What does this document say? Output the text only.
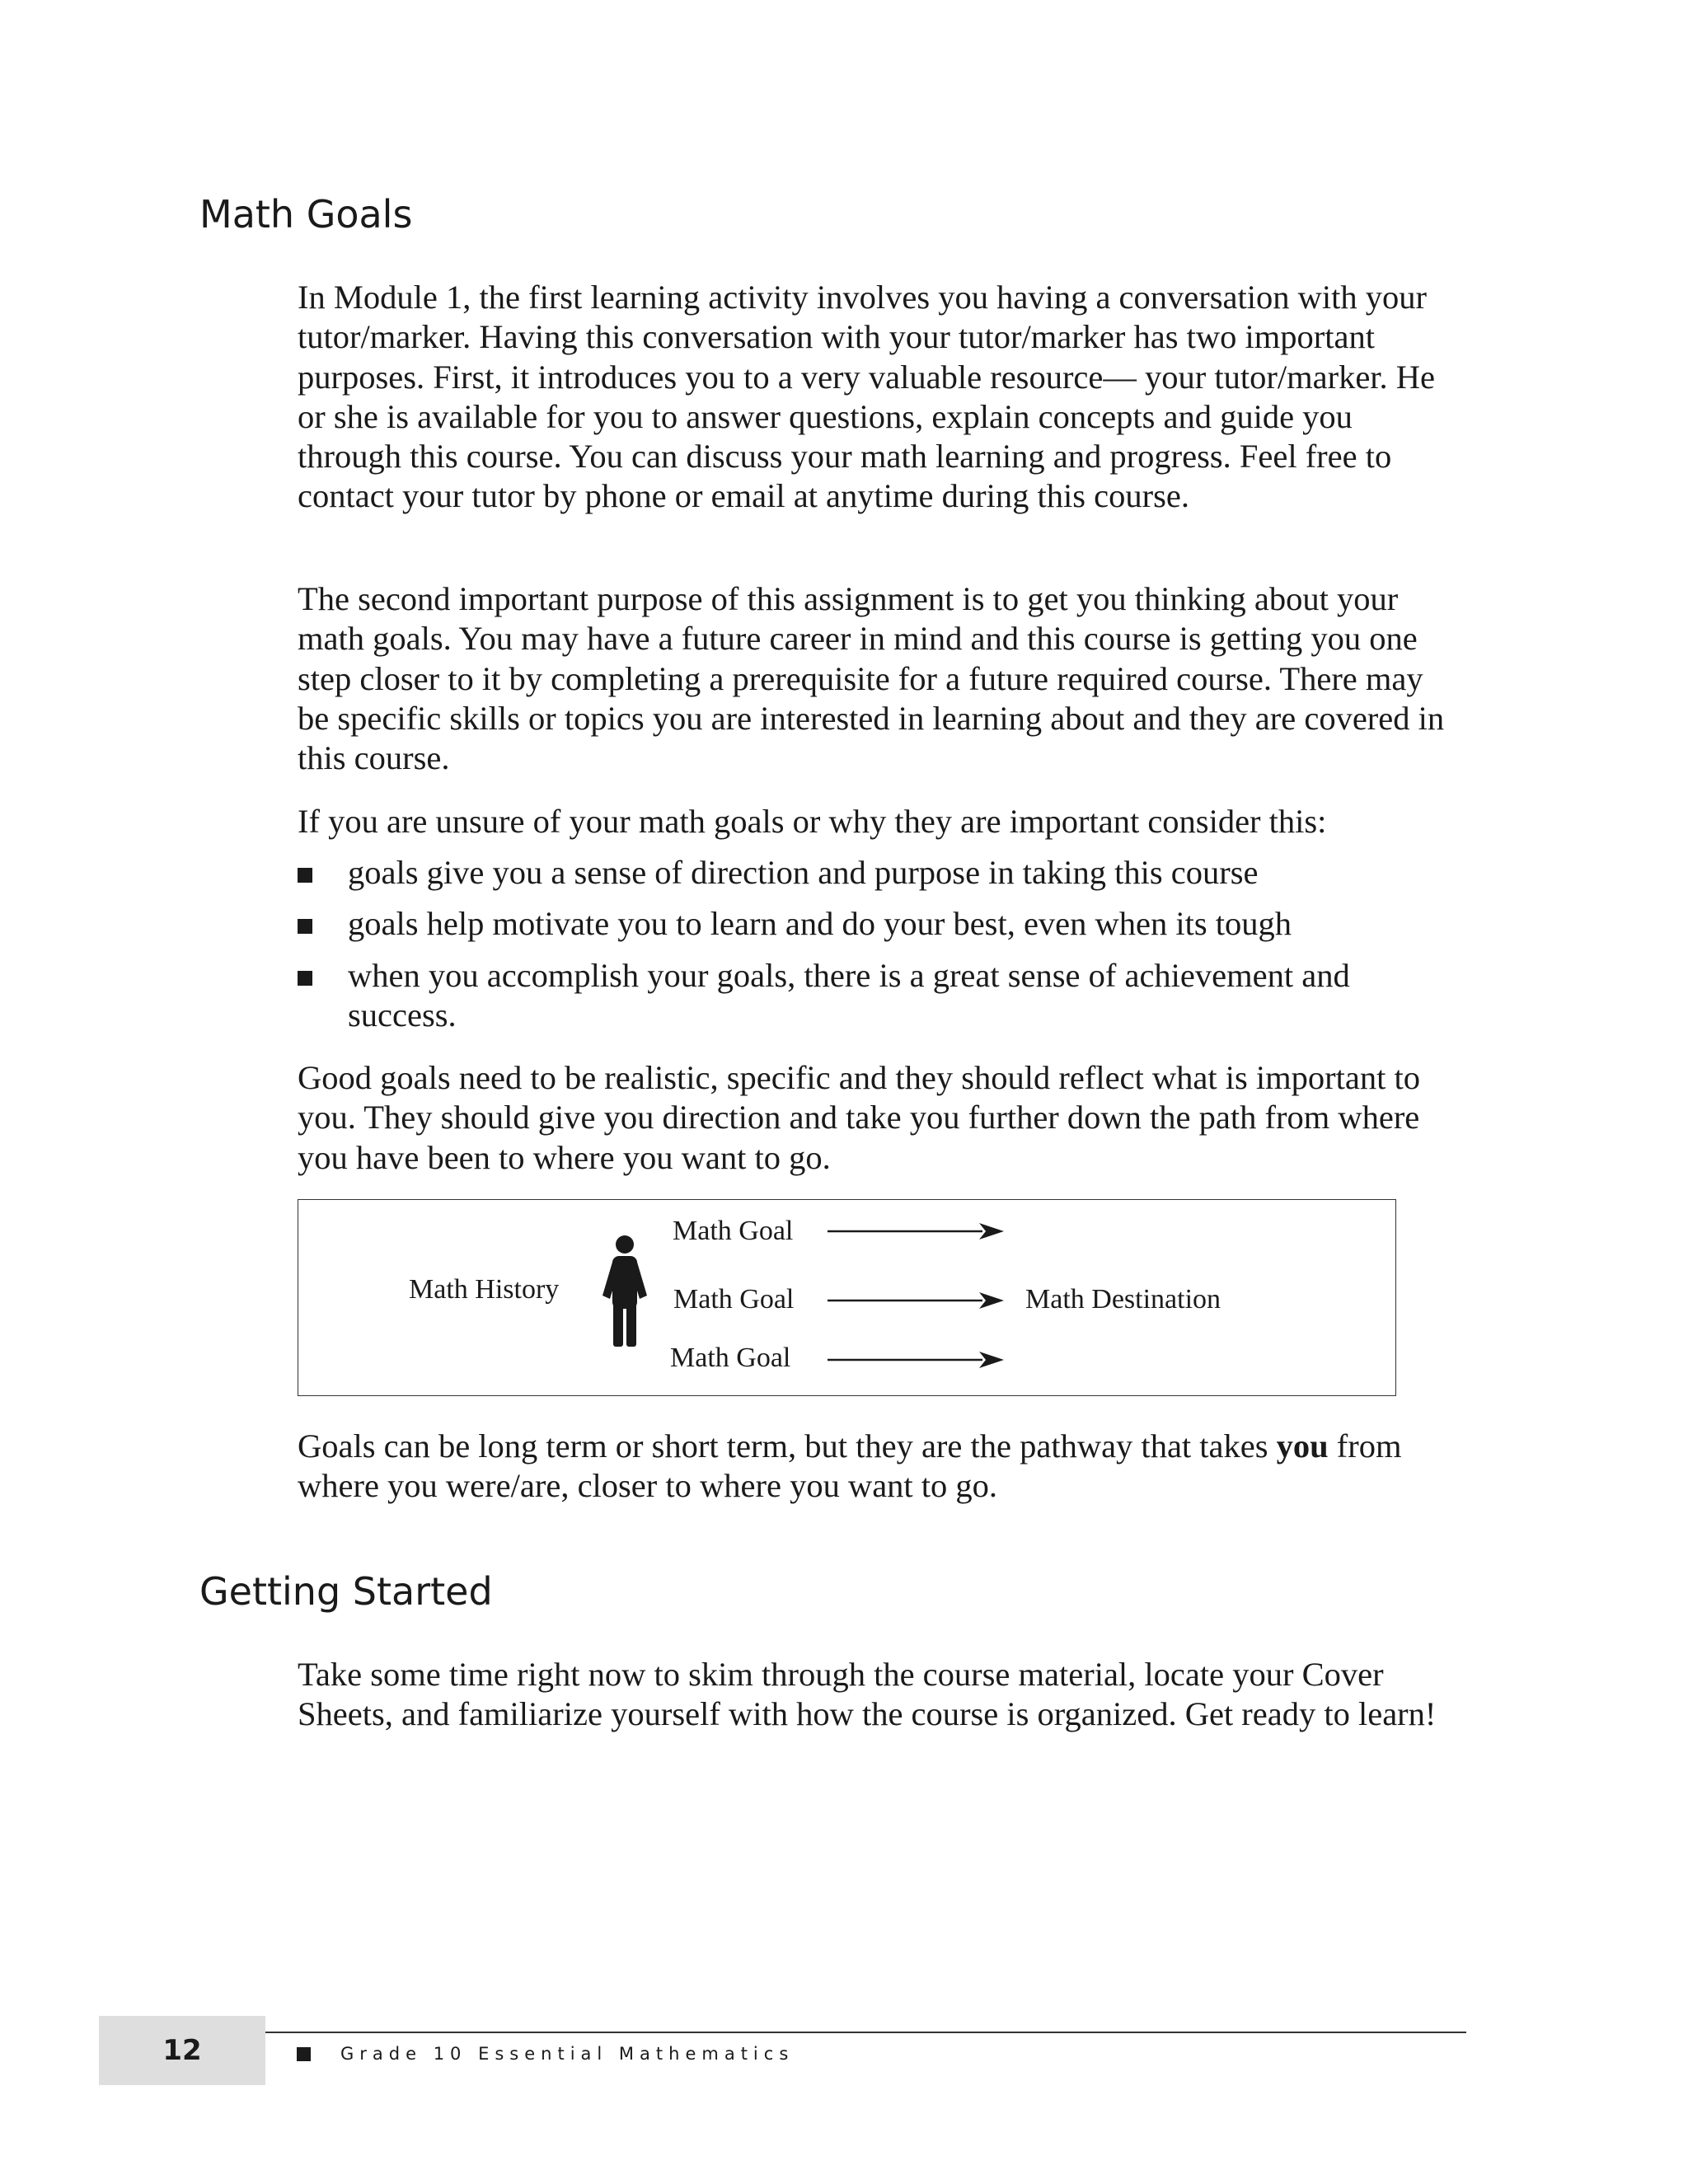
Math Goals

In Module 1, the first learning activity involves you having a conversation with your tutor/marker. Having this conversation with your tutor/marker has two important purposes. First, it introduces you to a very valuable resource— your tutor/marker. He or she is available for you to answer questions, explain concepts and guide you through this course. You can discuss your math learning and progress. Feel free to contact your tutor by phone or email at anytime during this course.

The second important purpose of this assignment is to get you thinking about your math goals. You may have a future career in mind and this course is getting you one step closer to it by completing a prerequisite for a future required course. There may be specific skills or topics you are interested in learning about and they are covered in this course.

If you are unsure of your math goals or why they are important consider this:

goals give you a sense of direction and purpose in taking this course
goals help motivate you to learn and do your best, even when its tough
when you accomplish your goals, there is a great sense of achievement and success.

Good goals need to be realistic, specific and they should reflect what is important to you. They should give you direction and take you further down the path from where you have been to where you want to go.

Math History
Math Goal
Math Goal
Math Goal
Math Destination

Goals can be long term or short term, but they are the pathway that takes you from where you were/are, closer to where you want to go.

Getting Started

Take some time right now to skim through the course material, locate your Cover Sheets, and familiarize yourself with how the course is organized. Get ready to learn!

12	Grade 10 Essential Mathematics
